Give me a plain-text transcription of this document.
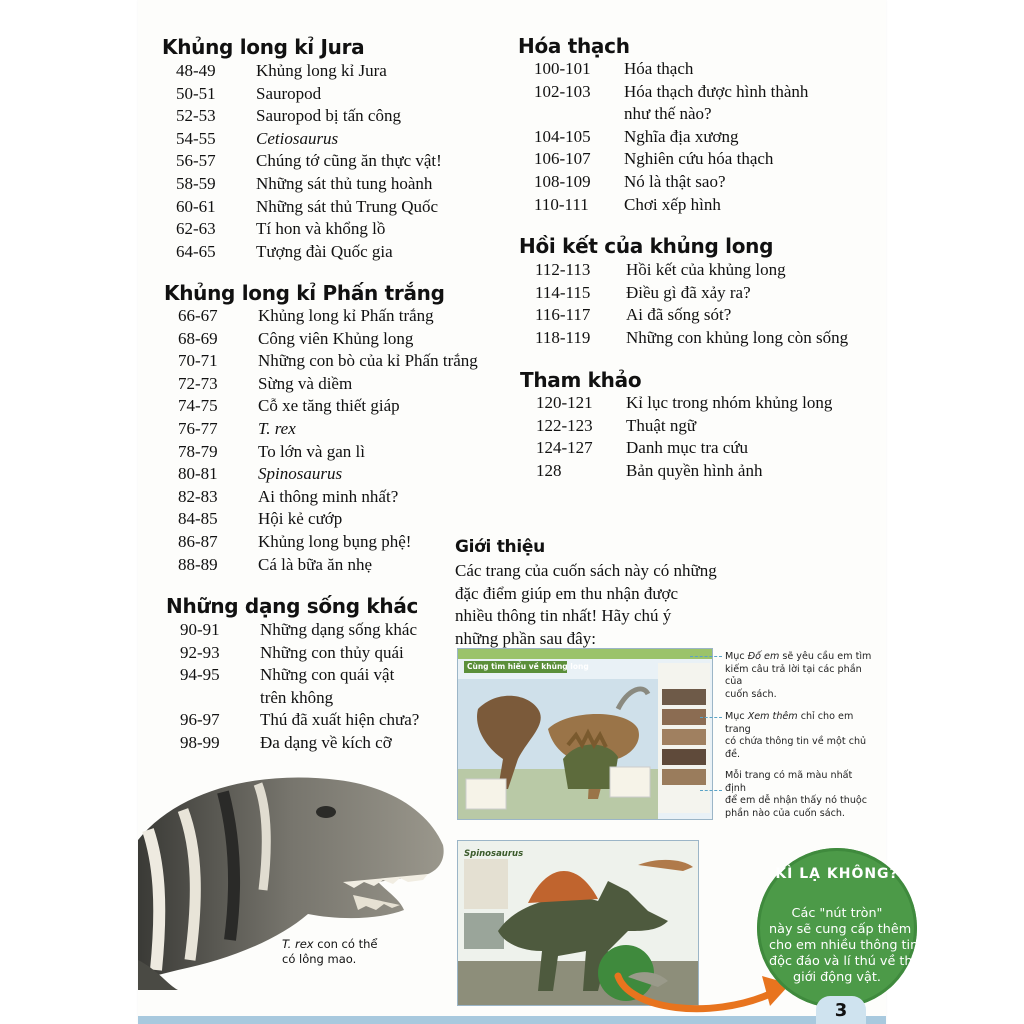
Khủng long kỉ Jura
48-49 Khủng long kỉ Jura
50-51 Sauropod
52-53 Sauropod bị tấn công
54-55 Cetiosaurus
56-57 Chúng tớ cũng ăn thực vật!
58-59 Những sát thủ tung hoành
60-61 Những sát thủ Trung Quốc
62-63 Tí hon và khổng lồ
64-65 Tượng đài Quốc gia
Khủng long kỉ Phấn trắng
66-67 Khủng long kỉ Phấn trắng
68-69 Công viên Khủng long
70-71 Những con bò của kỉ Phấn trắng
72-73 Sừng và diềm
74-75 Cỗ xe tăng thiết giáp
76-77 T. rex
78-79 To lớn và gan lì
80-81 Spinosaurus
82-83 Ai thông minh nhất?
84-85 Hội kẻ cướp
86-87 Khủng long bụng phệ!
88-89 Cá là bữa ăn nhẹ
Những dạng sống khác
90-91 Những dạng sống khác
92-93 Những con thủy quái
94-95 Những con quái vật
trên không
96-97 Thú đã xuất hiện chưa?
98-99 Đa dạng về kích cỡ
Hóa thạch
100-101 Hóa thạch
102-103 Hóa thạch được hình thành
như thế nào?
104-105 Nghĩa địa xương
106-107 Nghiên cứu hóa thạch
108-109 Nó là thật sao?
110-111 Chơi xếp hình
Hồi kết của khủng long
112-113 Hồi kết của khủng long
114-115 Điều gì đã xảy ra?
116-117 Ai đã sống sót?
118-119 Những con khủng long còn sống
Tham khảo
120-121 Kỉ lục trong nhóm khủng long
122-123 Thuật ngữ
124-127 Danh mục tra cứu
128	Bản quyền hình ảnh
Giới thiệu
Các trang của cuốn sách này có những
đặc điểm giúp em thu nhận được
nhiều thông tin nhất! Hãy chú ý
những phần sau đây:
T. rex con có thể
có lông mao.
Cùng tìm hiểu về khủng long
Mục Đố em sẽ yêu cầu em tìm
kiếm câu trả lời tại các phần của
cuốn sách.
Mục Xem thêm chỉ cho em trang
có chứa thông tin về một chủ đề.
Mỗi trang có mã màu nhất định
để em dễ nhận thấy nó thuộc
phần nào của cuốn sách.
Spinosaurus
KÌ LẠ KHÔNG?
Các "nút tròn"
này sẽ cung cấp thêm
cho em nhiều thông tin
độc đáo và lí thú về thế
giới động vật.
3
